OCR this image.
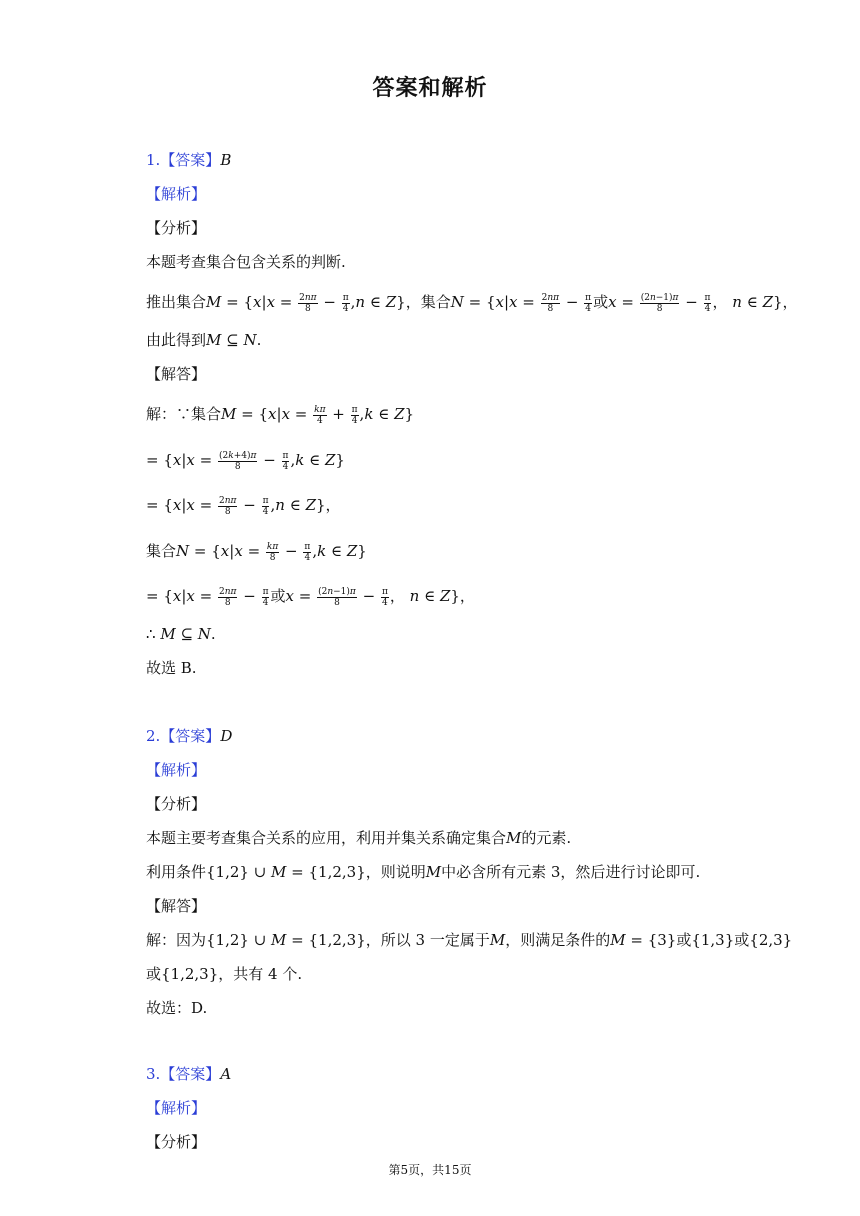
答案和解析
1.【答案】B
【解析】
【分析】
本题考查集合包含关系的判断.
推出集合$M = \{x|x = \frac{2n\pi}{8} - \frac{\pi}{4} ,n$ ∈ Z}，集合$N = \{x|x = \frac{2n\pi}{8} - \frac{\pi}{4}$ 或$x = \frac{(2n-1)\pi}{8} - \frac{\pi}{4}$ ， n ∈ Z}，
由此得到M ⊆ N.
【解答】
解：∵集合$M = \{x|x = \frac{k\pi}{4} + \frac{\pi}{4} ,k$ ∈ Z}
= {$x|x = \frac{(2k+4)\pi}{8} - \frac{\pi}{4} ,k$ ∈ Z}
= {$x|x = \frac{2n\pi}{8} - \frac{\pi}{4} ,n$ ∈ Z}，
集合$N = \{x|x = \frac{k\pi}{8} - \frac{\pi}{4} ,k$ ∈ Z}
= {$x|x = \frac{2n\pi}{8} - \frac{\pi}{4}$ 或$x = \frac{(2n-1)\pi}{8} - \frac{\pi}{4}$ ， n ∈ Z}，
∴ M ⊆ N.
故选 B.
2.【答案】D
【解析】
【分析】
本题主要考查集合关系的应用，利用并集关系确定集合M的元素.
利用条件{1,2} ∪ M = {1,2,3}，则说明M中必含所有元素 3，然后进行讨论即可.
【解答】
解：因为{1,2} ∪ M = {1,2,3}，所以 3 一定属于M，则满足条件的M = {3}或{1,3}或{2,3}
或{1,2,3}，共有 4 个.
故选：D.
3.【答案】A
【解析】
【分析】
第5页，共15页
